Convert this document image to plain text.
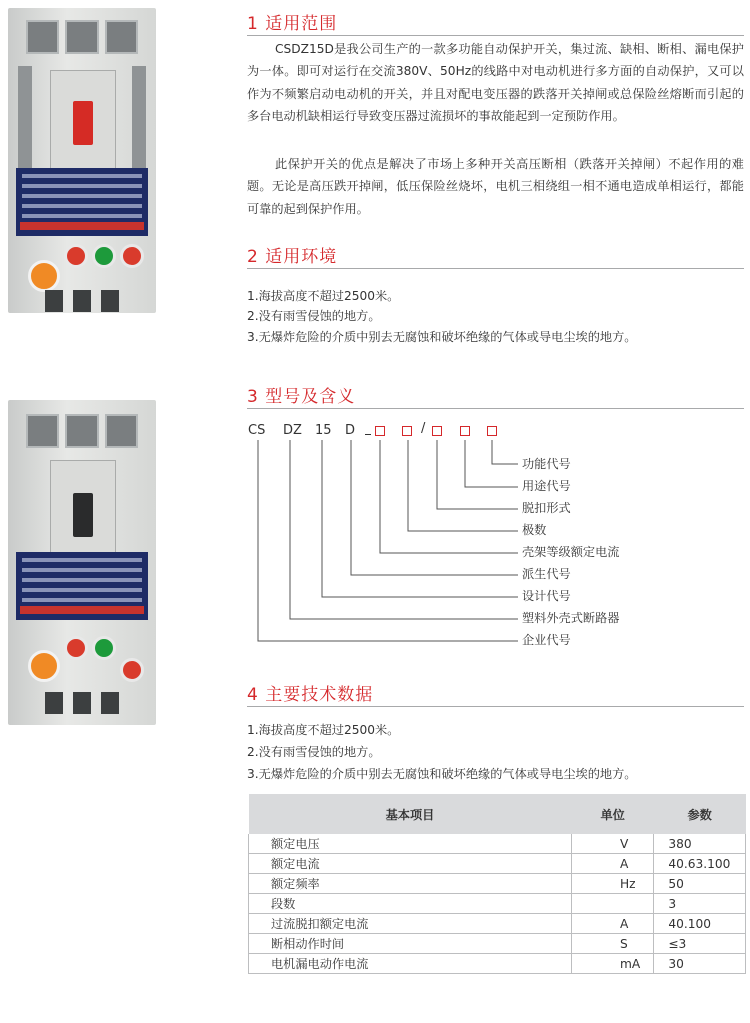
1 适用范围

CSDZ15D是我公司生产的一款多功能自动保护开关，集过流、缺相、断相、漏电保护为一体。即可对运行在交流380V、50Hz的线路中对电动机进行多方面的自动保护，又可以作为不频繁启动电动机的开关，并且对配电变压器的跌落开关掉闸或总保险丝熔断而引起的多台电动机缺相运行导致变压器过流损坏的事故能起到一定预防作用。

此保护开关的优点是解决了市场上多种开关高压断相（跌落开关掉闸）不起作用的难题。无论是高压跌开掉闸，低压保险丝烧坏，电机三相绕组一相不通电造成单相运行，都能可靠的起到保护作用。

2 适用环境
1.海拔高度不超过2500米。
2.没有雨雪侵蚀的地方。
3.无爆炸危险的介质中别去无腐蚀和破坏绝缘的气体或导电尘埃的地方。
3 型号及含义
CS DZ 15 D	/
功能代号
用途代号
脱扣形式
极数
壳架等级额定电流
派生代号
设计代号
塑料外壳式断路器
企业代号
4 主要技术数据
1.海拔高度不超过2500米。
2.没有雨雪侵蚀的地方。
3.无爆炸危险的介质中别去无腐蚀和破坏绝缘的气体或导电尘埃的地方。
基本项目	单位	参数
额定电压	V	380
额定电流	A	40.63.100
额定频率	Hz	50
段数		3
过流脱扣额定电流	A	40.100
断相动作时间	S	≤3
电机漏电动作电流	mA	30
